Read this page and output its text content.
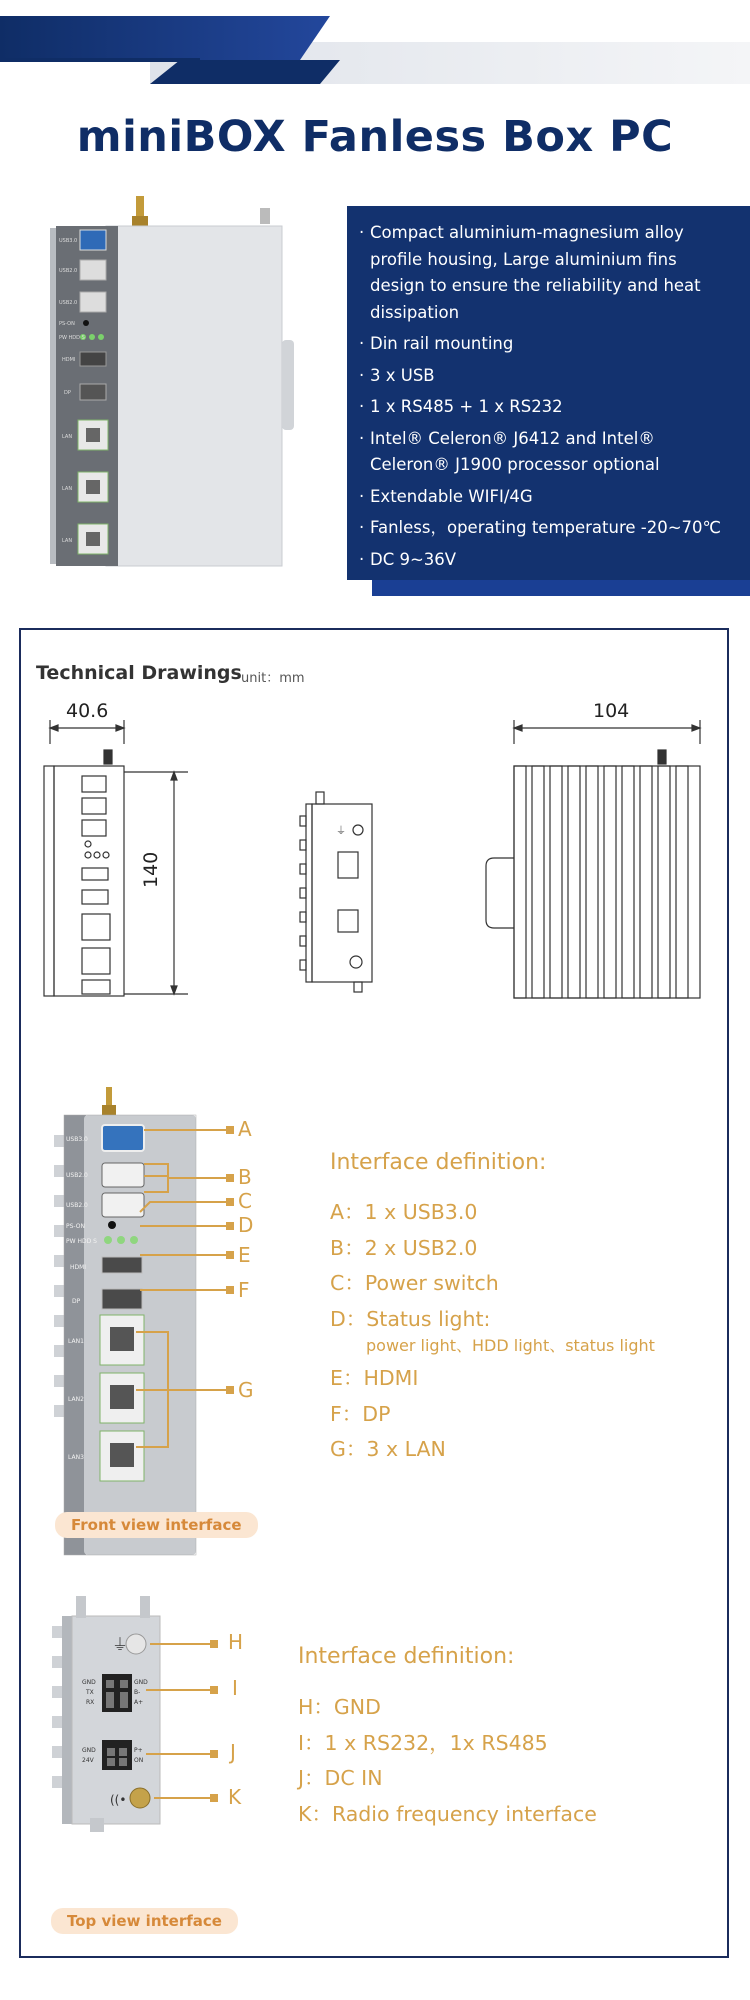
miniBOX Fanless Box PC
USB3.0
USB2.0
USB2.0
PS-ON
PW HDD S
HDMI
DP
LAN
LAN
LAN
· Compact aluminium-magnesium alloy profile housing, Large aluminium fins design to ensure the reliability and heat dissipation
· Din rail mounting
· 3 x USB
· 1 x RS485 + 1 x RS232
· Intel® Celeron® J6412 and Intel® Celeron® J1900 processor optional
· Extendable WIFI/4G
· Fanless，operating temperature -20~70℃
· DC 9~36V
Technical Drawings unit：mm
40.6
140
104
⏚
USB3.0
USB2.0
USB2.0
PS-ON
PW HDD S
HDMI
DP
LAN1
LAN2
LAN3
A
B
C
D
E
F
G
Interface definition:
A：1 x USB3.0
B：2 x USB2.0
C：Power switch
D：Status light:
power light、HDD light、status light
E：HDMI
F：DP
G：3 x LAN
Front view interface
⏚
((•
GND
TX
RX
GND
B-
A+
GND
24V
P+
ON
H
I
J
K
Interface definition:
H：GND
I：1 x RS232，1x RS485
J：DC IN
K：Radio frequency interface
Top view interface
